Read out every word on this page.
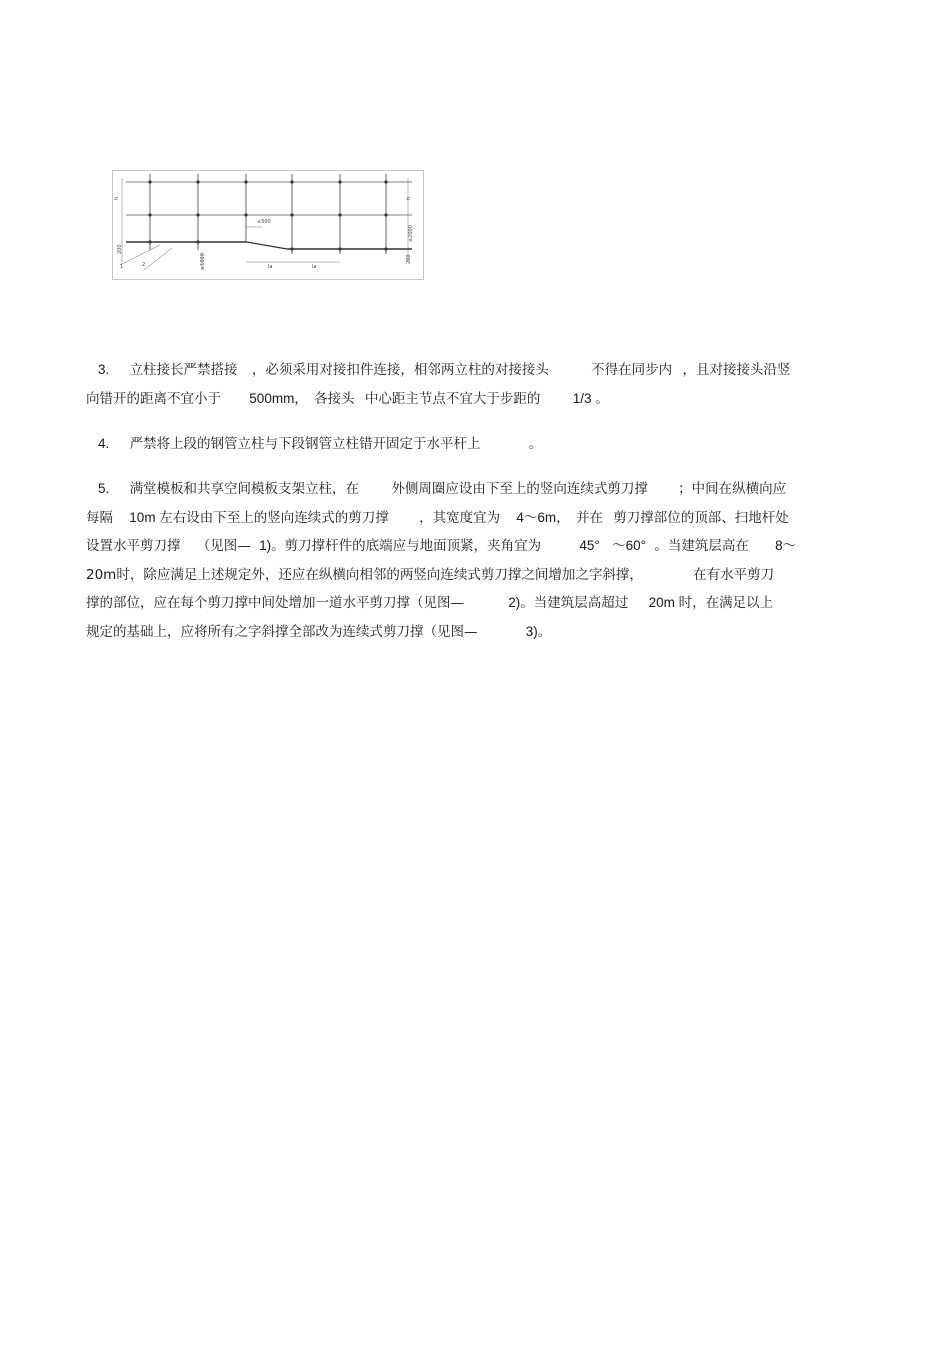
h	h
≤500
≤2000
200
200
≥1000	la	la
1	2
3. 立柱接长严禁搭接 ，必须采用对接扣件连接，相邻两立柱的对接接头	不得在同步内 ，且对接接头沿竖
向错开的距离不宜小于 500mm， 各接头 中心距主节点不宜大于步距的 1/3 。
4. 严禁将上段的钢管立柱与下段钢管立柱错开固定于水平杆上	。
5. 满堂模板和共享空间模板支架立柱，在 外侧周圈应设由下至上的竖向连续式剪刀撑 ；中间在纵横向应
每隔 10m 左右设由下至上的竖向连续式的剪刀撑 ，其宽度宜为 4～6m， 并在 剪刀撑部位的顶部、扫地杆处
设置水平剪刀撑 （见图— 1)。剪刀撑杆件的底端应与地面顶紧，夹角宜为	45° ～60° 。当建筑层高在 8～
20m时，除应满足上述规定外，还应在纵横向相邻的两竖向连续式剪刀撑之间增加之字斜撑，	在有水平剪刀
撑的部位，应在每个剪刀撑中间处增加一道水平剪刀撑（见图—	2)。当建筑层高超过 20m 时，在满足以上
规定的基础上，应将所有之字斜撑全部改为连续式剪刀撑（见图—	3)。
